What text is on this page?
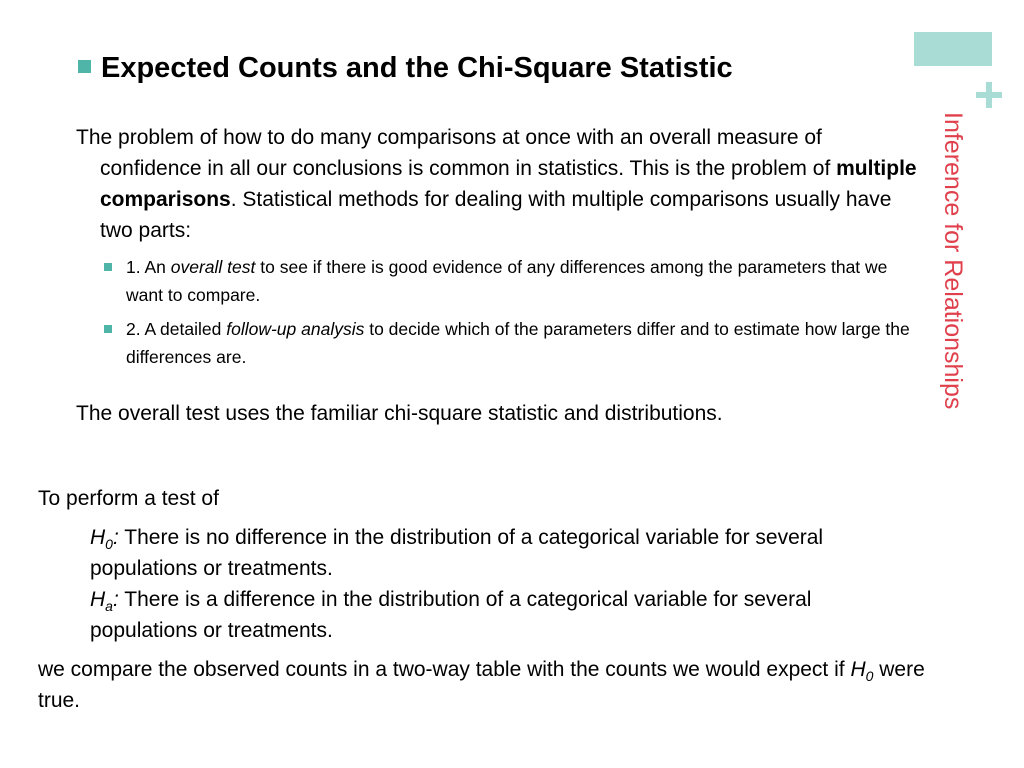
Inference for Relationships
Expected Counts and the Chi-Square Statistic
The problem of how to do many comparisons at once with an overall measure of confidence in all our conclusions is common in statistics. This is the problem of multiple comparisons. Statistical methods for dealing with multiple comparisons usually have two parts:
1. An overall test to see if there is good evidence of any differences among the parameters that we want to compare.
2. A detailed follow-up analysis to decide which of the parameters differ and to estimate how large the differences are.
The overall test uses the familiar chi-square statistic and distributions.
To perform a test of
$H_0$: There is no difference in the distribution of a categorical variable for several populations or treatments.
$H_a$: There is a difference in the distribution of a categorical variable for several populations or treatments.
we compare the observed counts in a two-way table with the counts we would expect if $H_0$ were true.
